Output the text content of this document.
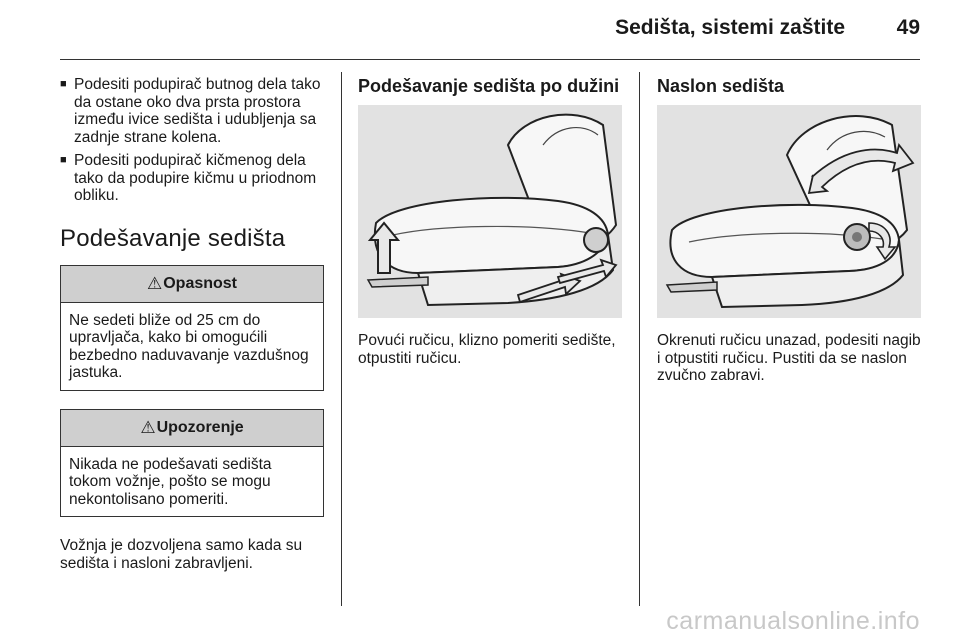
Sedišta, sistemi zaštite 49
■ Podesiti podupirač butnog dela tako da ostane oko dva prsta prostora između ivice sedišta i udubljenja sa zadnje strane kolena.
■ Podesiti podupirač kičmenog dela tako da podupire kičmu u priodnom obliku.
Podešavanje sedišta
⚠ Opasnost
Ne sedeti bliže od 25 cm do upravljača, kako bi omogućili bezbedno naduvavanje vazdušnog jastuka.
⚠ Upozorenje
Nikada ne podešavati sedišta tokom vožnje, pošto se mogu nekontolisano pomeriti.

Vožnja je dozvoljena samo kada su sedišta i nasloni zabravljeni.

Podešavanje sedišta po dužini

Povući ručicu, klizno pomeriti sedište, otpustiti ručicu.

Naslon sedišta

Okrenuti ručicu unazad, podesiti nagib i otpustiti ručicu. Pustiti da se naslon zvučno zabravi.

carmanualsonline.info
